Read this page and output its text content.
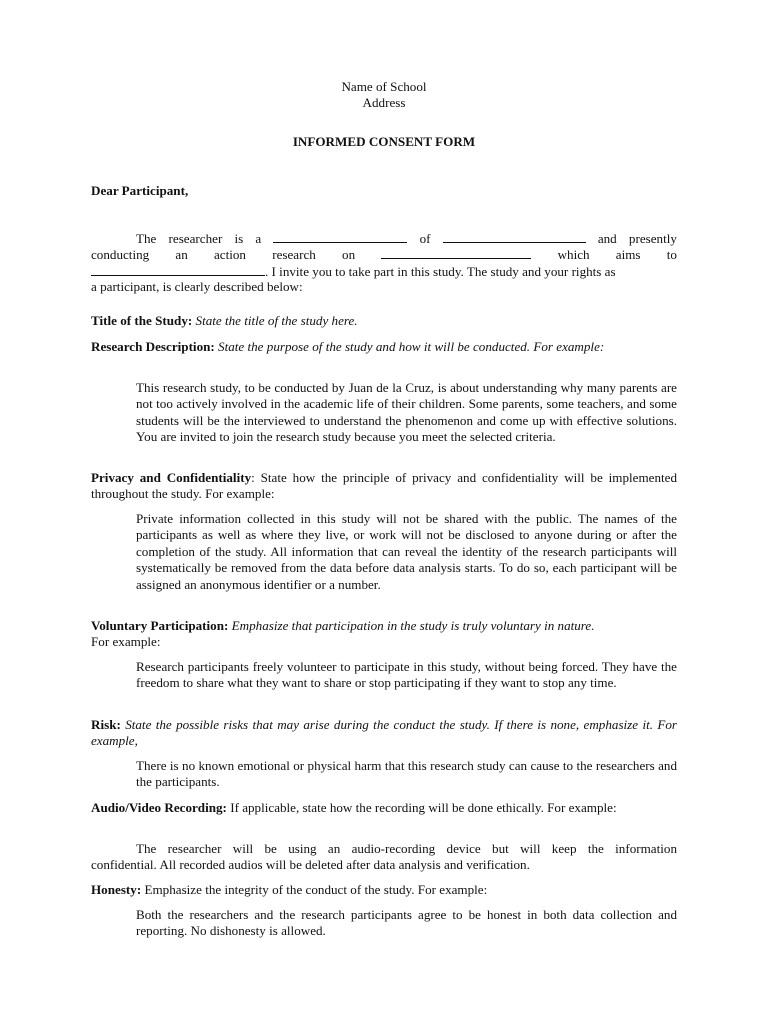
Name of School
Address
INFORMED CONSENT FORM
Dear Participant,
The researcher is a	of	and presently
conducting an action research on	which aims to
. I invite you to take part in this study. The study and your rights as
a participant, is clearly described below:
Title of the Study: State the title of the study here.
Research Description: State the purpose of the study and how it will be conducted. For example:
This research study, to be conducted by Juan de la Cruz, is about understanding why many parents are not too actively involved in the academic life of their children. Some parents, some teachers, and some students will be the interviewed to understand the phenomenon and come up with effective solutions. You are invited to join the research study because you meet the selected criteria.
Privacy and Confidentiality: State how the principle of privacy and confidentiality will be implemented throughout the study. For example:
Private information collected in this study will not be shared with the public. The names of the participants as well as where they live, or work will not be disclosed to anyone during or after the completion of the study. All information that can reveal the identity of the research participants will systematically be removed from the data before data analysis starts. To do so, each participant will be assigned an anonymous identifier or a number.
Voluntary Participation: Emphasize that participation in the study is truly voluntary in nature.
For example:
Research participants freely volunteer to participate in this study, without being forced. They have the freedom to share what they want to share or stop participating if they want to stop any time.
Risk: State the possible risks that may arise during the conduct the study. If there is none, emphasize it. For example,
There is no known emotional or physical harm that this research study can cause to the researchers and the participants.
Audio/Video Recording: If applicable, state how the recording will be done ethically. For example:
The researcher will be using an audio-recording device but will keep the information
confidential. All recorded audios will be deleted after data analysis and verification.
Honesty: Emphasize the integrity of the conduct of the study. For example:
Both the researchers and the research participants agree to be honest in both data collection and reporting. No dishonesty is allowed.
